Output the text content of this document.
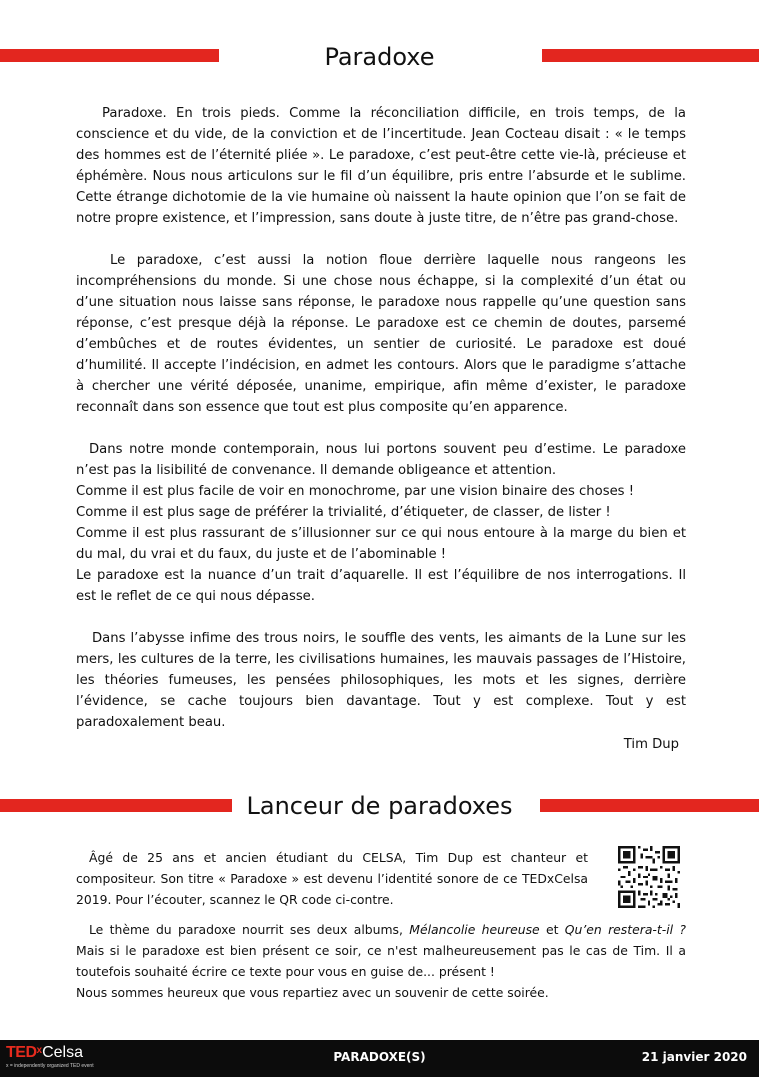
Paradoxe

Paradoxe. En trois pieds. Comme la réconciliation difficile, en trois temps, de la conscience et du vide, de la conviction et de l’incertitude. Jean Cocteau disait : « le temps des hommes est de l’éternité pliée ». Le paradoxe, c’est peut-être cette vie-là, précieuse et éphémère. Nous nous articulons sur le fil d’un équilibre, pris entre l’absurde et le sublime. Cette étrange dichotomie de la vie humaine où naissent la haute opinion que l’on se fait de notre propre existence, et l’impression, sans doute à juste titre, de n’être pas grand-chose.

Le paradoxe, c’est aussi la notion floue derrière laquelle nous rangeons les incompréhensions du monde. Si une chose nous échappe, si la complexité d’un état ou d’une situation nous laisse sans réponse, le paradoxe nous rappelle qu’une question sans réponse, c’est presque déjà la réponse. Le paradoxe est ce chemin de doutes, parsemé d’embûches et de routes évidentes, un sentier de curiosité. Le paradoxe est doué d’humilité. Il accepte l’indécision, en admet les contours. Alors que le paradigme s’attache à chercher une vérité déposée, unanime, empirique, afin même d’exister, le paradoxe reconnaît dans son essence que tout est plus composite qu’en apparence.

Dans notre monde contemporain, nous lui portons souvent peu d’estime. Le paradoxe n’est pas la lisibilité de convenance. Il demande obligeance et attention.

Comme il est plus facile de voir en monochrome, par une vision binaire des choses !

Comme il est plus sage de préférer la trivialité, d’étiqueter, de classer, de lister !

Comme il est plus rassurant de s’illusionner sur ce qui nous entoure à la marge du bien et du mal, du vrai et du faux, du juste et de l’abominable !

Le paradoxe est la nuance d’un trait d’aquarelle. Il est l’équilibre de nos interrogations. Il est le reflet de ce qui nous dépasse.

Dans l’abysse infime des trous noirs, le souffle des vents, les aimants de la Lune sur les mers, les cultures de la terre, les civilisations humaines, les mauvais passages de l’Histoire, les théories fumeuses, les pensées philosophiques, les mots et les signes, derrière l’évidence, se cache toujours bien davantage. Tout y est complexe. Tout y est paradoxalement beau.

Tim Dup

Lanceur de paradoxes

Âgé de 25 ans et ancien étudiant du CELSA, Tim Dup est chanteur et compositeur. Son titre « Paradoxe » est devenu l’identité sonore de ce TEDxCelsa 2019. Pour l’écouter, scannez le QR code ci-contre.

Le thème du paradoxe nourrit ses deux albums, Mélancolie heureuse et Qu’en restera-t-il ? Mais si le paradoxe est bien présent ce soir, ce n'est malheureusement pas le cas de Tim. Il a toutefois souhaité écrire ce texte pour vous en guise de... présent !

Nous sommes heureux que vous repartiez avec un souvenir de cette soirée.

TED$^x$Celsa
x = independently organized TED event
PARADOXE(S)	21 janvier 2020
